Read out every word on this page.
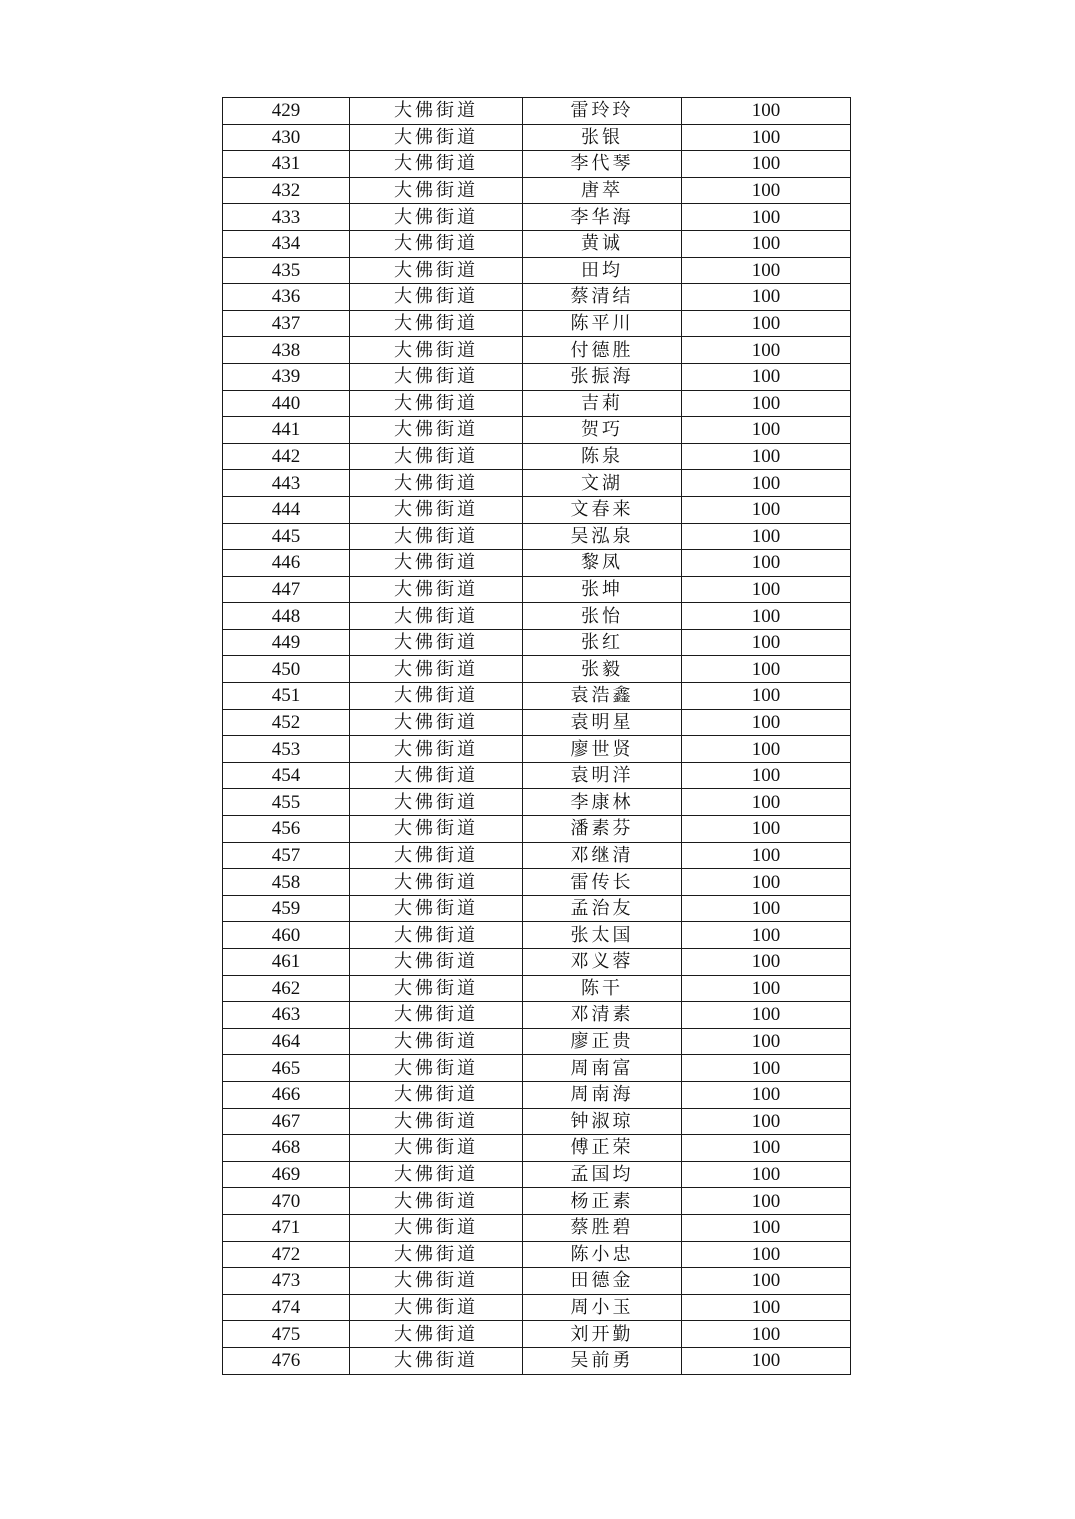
429	大佛街道	雷玲玲	100
430	大佛街道	张银	100
431	大佛街道	李代琴	100
432	大佛街道	唐萃	100
433	大佛街道	李华海	100
434	大佛街道	黄诚	100
435	大佛街道	田均	100
436	大佛街道	蔡清结	100
437	大佛街道	陈平川	100
438	大佛街道	付德胜	100
439	大佛街道	张振海	100
440	大佛街道	吉莉	100
441	大佛街道	贺巧	100
442	大佛街道	陈泉	100
443	大佛街道	文湖	100
444	大佛街道	文春来	100
445	大佛街道	吴泓泉	100
446	大佛街道	黎凤	100
447	大佛街道	张坤	100
448	大佛街道	张怡	100
449	大佛街道	张红	100
450	大佛街道	张毅	100
451	大佛街道	袁浩鑫	100
452	大佛街道	袁明星	100
453	大佛街道	廖世贤	100
454	大佛街道	袁明洋	100
455	大佛街道	李康林	100
456	大佛街道	潘素芬	100
457	大佛街道	邓继清	100
458	大佛街道	雷传长	100
459	大佛街道	孟治友	100
460	大佛街道	张太国	100
461	大佛街道	邓义蓉	100
462	大佛街道	陈干	100
463	大佛街道	邓清素	100
464	大佛街道	廖正贵	100
465	大佛街道	周南富	100
466	大佛街道	周南海	100
467	大佛街道	钟淑琼	100
468	大佛街道	傅正荣	100
469	大佛街道	孟国均	100
470	大佛街道	杨正素	100
471	大佛街道	蔡胜碧	100
472	大佛街道	陈小忠	100
473	大佛街道	田德金	100
474	大佛街道	周小玉	100
475	大佛街道	刘开勤	100
476	大佛街道	吴前勇	100
